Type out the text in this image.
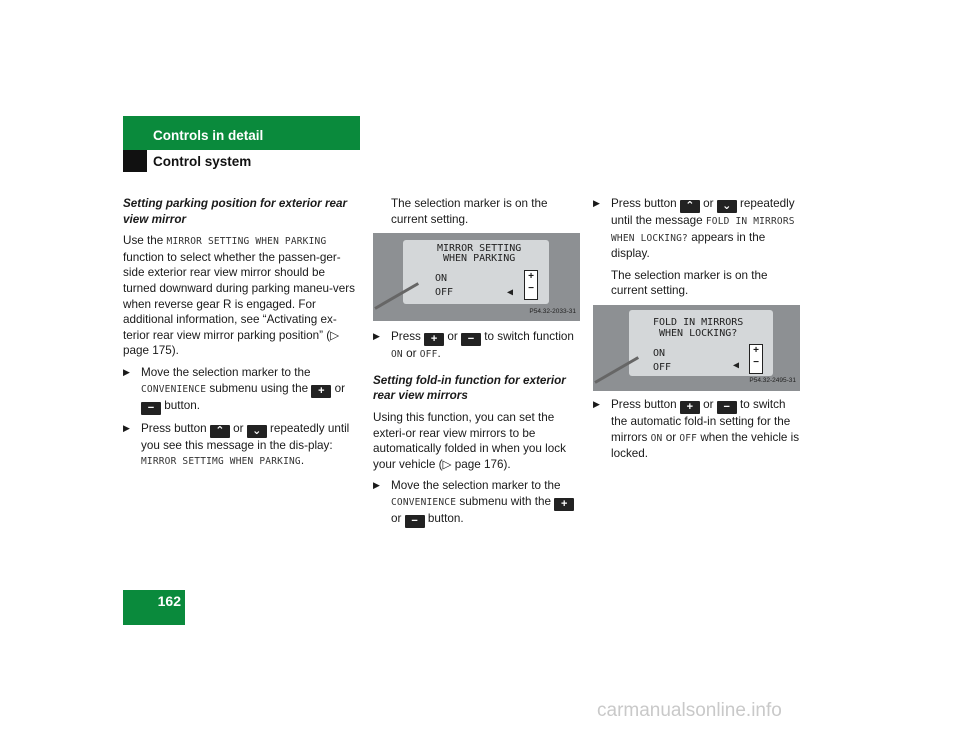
Controls in detail
Control system
Setting parking position for exterior rear view mirror

Use the MIRROR SETTING WHEN PARKING function to select whether the passen-ger-side exterior rear view mirror should be turned downward during parking maneu-vers when reverse gear R is engaged. For additional information, see “Activating ex-terior rear view mirror parking position” (▷ page 175).

▶ Move the selection marker to the CONVENIENCE submenu using the + or − button.
▶ Press button ⌃ or ⌄ repeatedly until you see this message in the dis-play: MIRROR SETTIMG WHEN PARKING.

The selection marker is on the current setting.

MIRROR SETTING
WHEN PARKING
ON
OFF	◀
+
−
P54.32-2033-31
▶ Press + or − to switch function ON or OFF.
Setting fold-in function for exterior rear view mirrors

Using this function, you can set the exteri-or rear view mirrors to be automatically folded in when you lock your vehicle (▷ page 176).

▶ Move the selection marker to the CONVENIENCE submenu with the + or − button.
▶ Press button ⌃ or ⌄ repeatedly until the message FOLD IN MIRRORS WHEN LOCKING? appears in the display.

The selection marker is on the current setting.

FOLD IN MIRRORS
WHEN LOCKING?
ON
OFF	◀
+
−
P54.32-2495-31
▶ Press button + or − to switch the automatic fold-in setting for the mirrors ON or OFF when the vehicle is locked.
162
carmanualsonline.info
